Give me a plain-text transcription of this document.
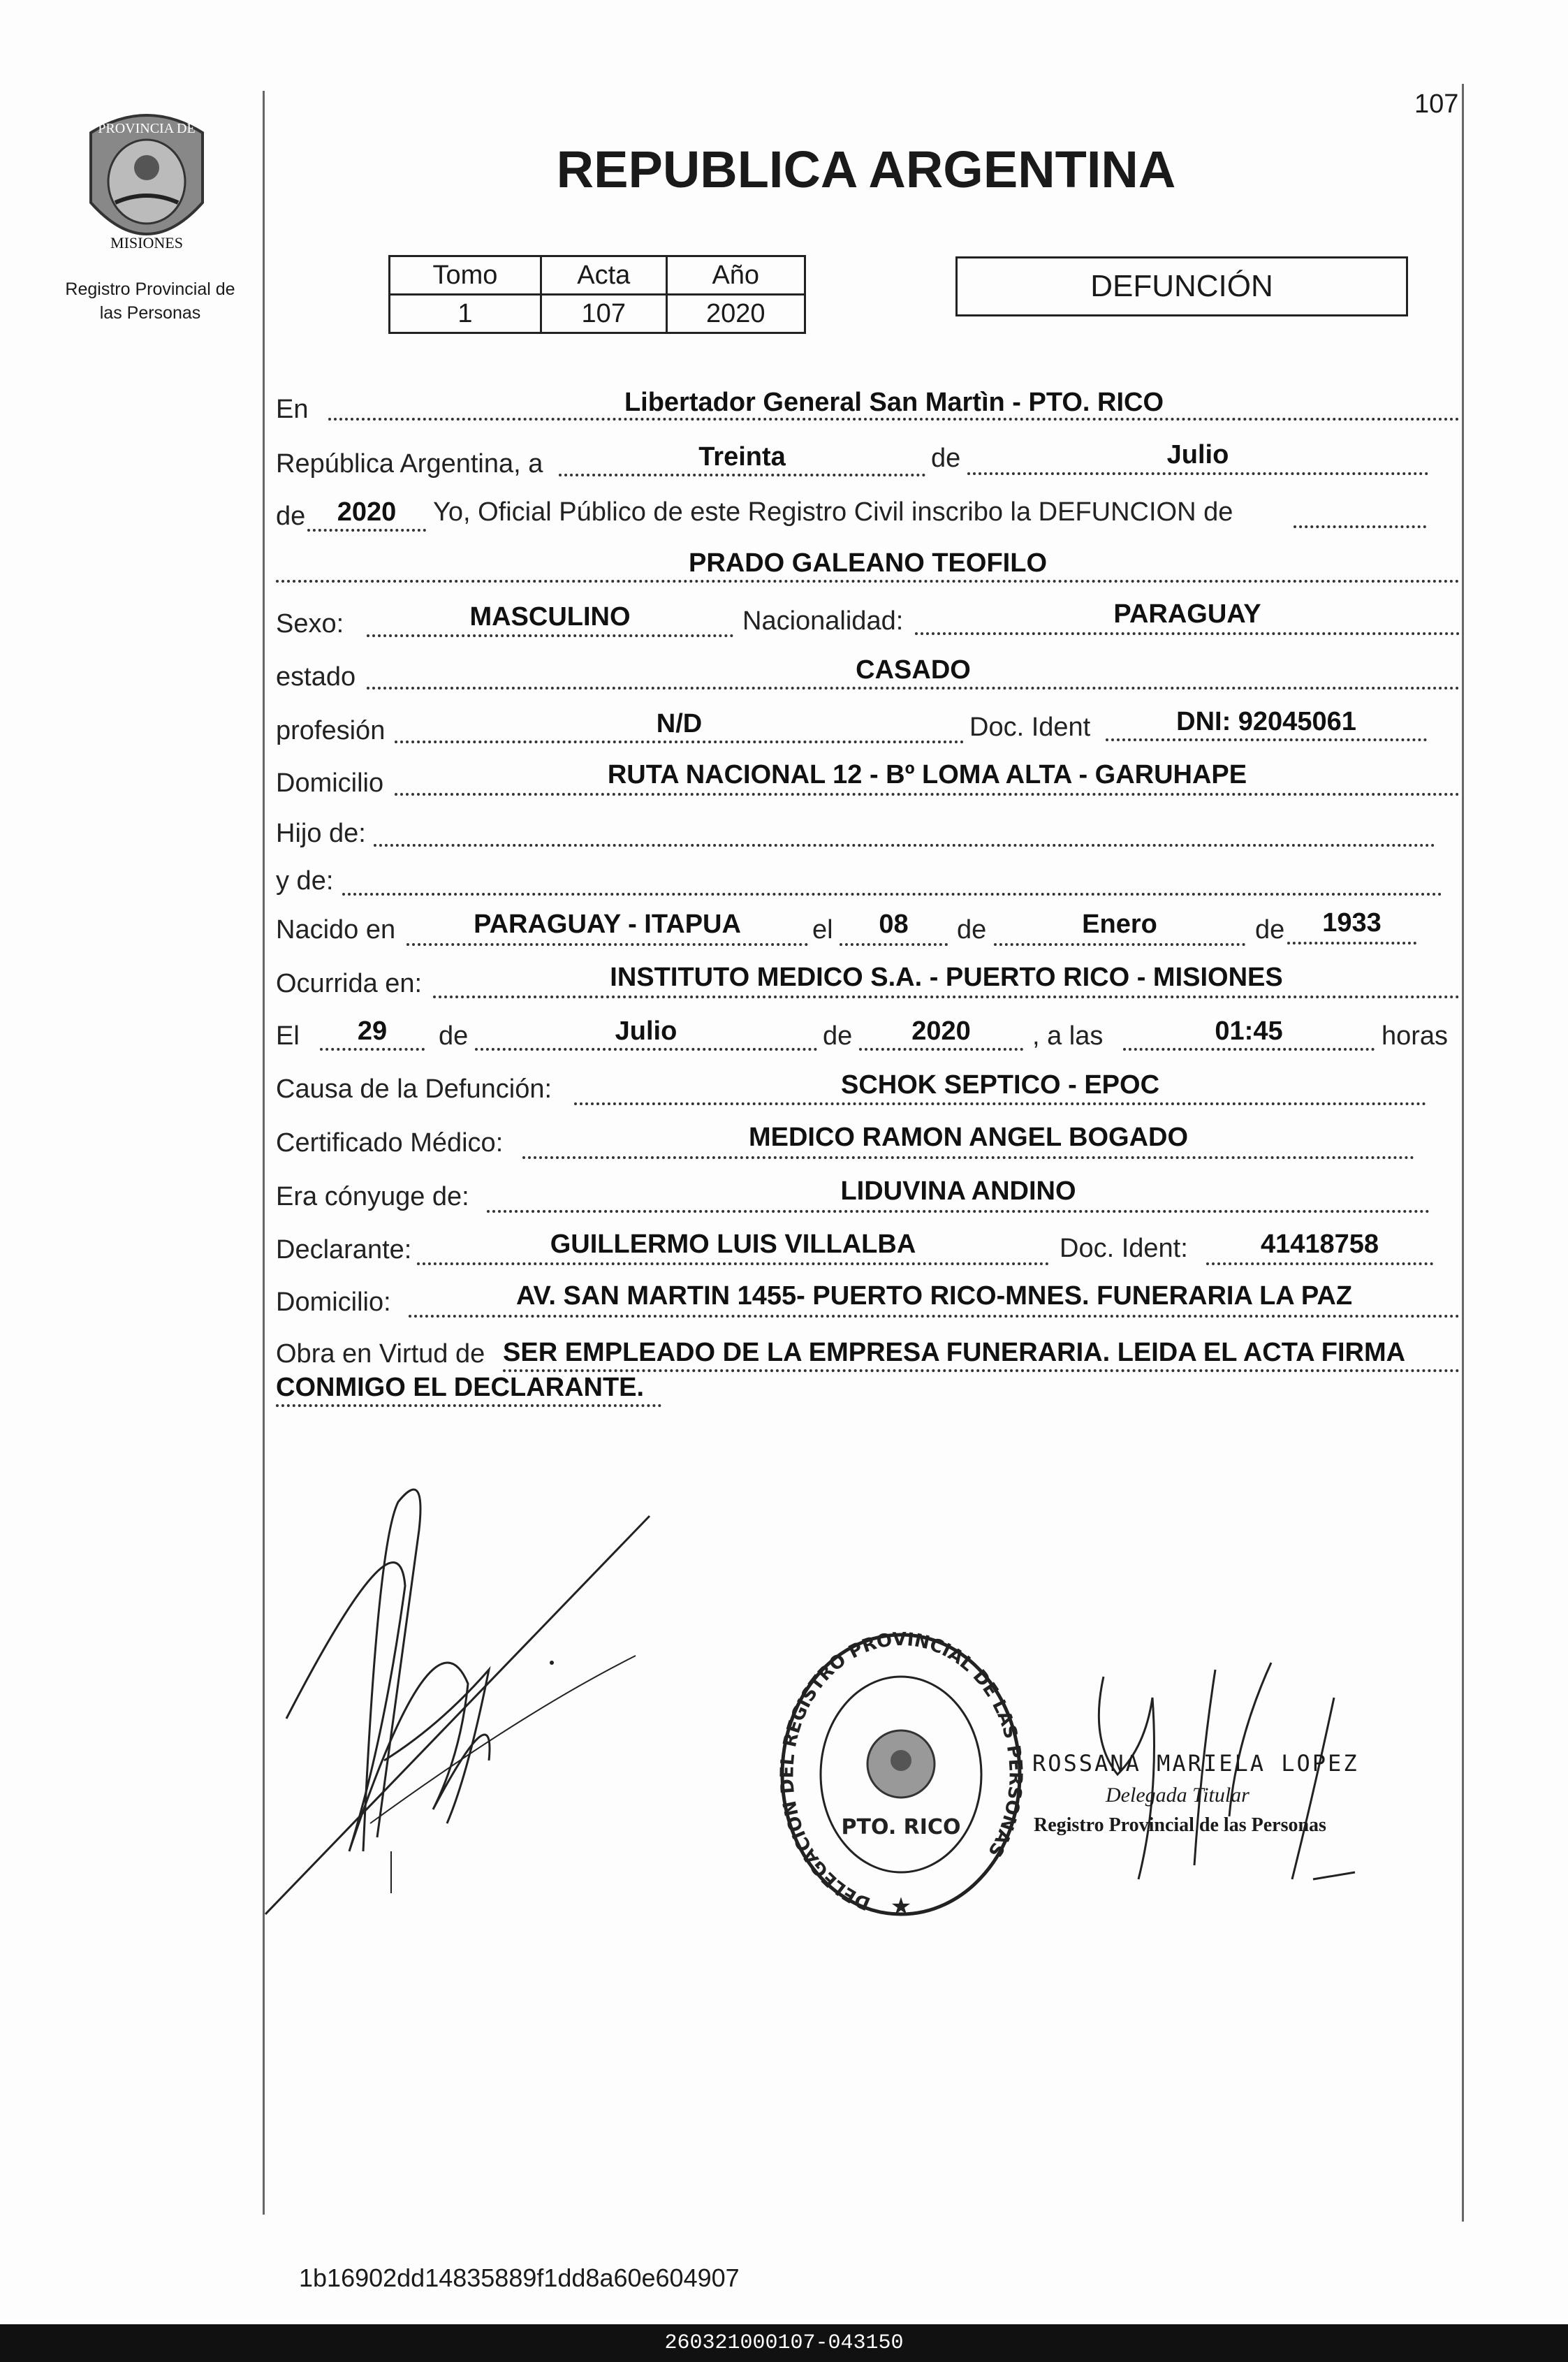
107
REPUBLICA ARGENTINA
PROVINCIA DE
MISIONES
Registro Provincial de
las Personas
Tomo	Acta	Año
1	107	2020
DEFUNCIÓN
En	Libertador General San Martìn - PTO. RICO
República Argentina, a	Treinta	de	Julio
de	2020	Yo, Oficial Público de este Registro Civil inscribo la DEFUNCION de
PRADO GALEANO TEOFILO
Sexo:	MASCULINO	Nacionalidad:	PARAGUAY
estado	CASADO
profesión	N/D	Doc. Ident	DNI: 92045061
Domicilio	RUTA NACIONAL 12 - Bº LOMA ALTA - GARUHAPE
Hijo de:
y de:
Nacido en	PARAGUAY - ITAPUA	el	08	de	Enero	de	1933
Ocurrida en:	INSTITUTO MEDICO S.A. - PUERTO RICO - MISIONES
El	29	de	Julio	de	2020	, a las	01:45	horas
Causa de la Defunción:	SCHOK SEPTICO - EPOC
Certificado Médico:	MEDICO RAMON ANGEL BOGADO
Era cónyuge de:	LIDUVINA ANDINO
Declarante:	GUILLERMO LUIS VILLALBA	Doc. Ident:	41418758
Domicilio:	AV. SAN MARTIN 1455- PUERTO RICO-MNES. FUNERARIA LA PAZ
Obra en Virtud de SER EMPLEADO DE LA EMPRESA FUNERARIA. LEIDA EL ACTA FIRMA
CONMIGO EL DECLARANTE.
DELEGACION DEL REGISTRO PROVINCIAL DE LAS PERSONAS
PTO. RICO
★
ROSSANA MARIELA LOPEZ
Delegada Titular
Registro Provincial de las Personas
1b16902dd14835889f1dd8a60e604907
260321000107-043150
